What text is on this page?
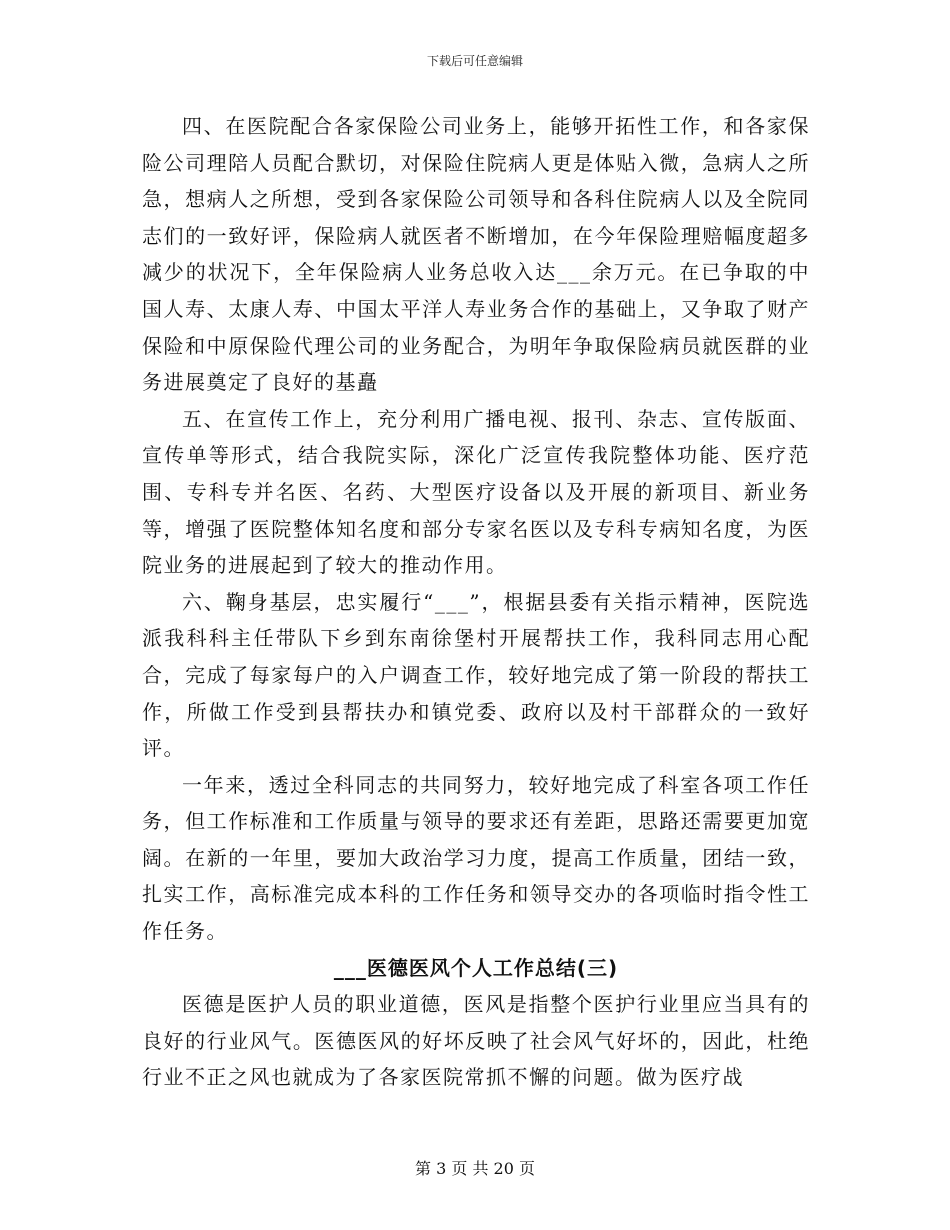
下载后可任意编辑

四、在医院配合各家保险公司业务上，能够开拓性工作，和各家保险公司理陪人员配合默切，对保险住院病人更是体贴入微，急病人之所急，想病人之所想，受到各家保险公司领导和各科住院病人以及全院同志们的一致好评，保险病人就医者不断增加，在今年保险理赔幅度超多减少的状况下，全年保险病人业务总收入达___余万元。在已争取的中国人寿、太康人寿、中国太平洋人寿业务合作的基础上，又争取了财产保险和中原保险代理公司的业务配合，为明年争取保险病员就医群的业务进展奠定了良好的基矗

五、在宣传工作上，充分利用广播电视、报刊、杂志、宣传版面、宣传单等形式，结合我院实际，深化广泛宣传我院整体功能、医疗范围、专科专并名医、名药、大型医疗设备以及开展的新项目、新业务等，增强了医院整体知名度和部分专家名医以及专科专病知名度，为医院业务的进展起到了较大的推动作用。

六、鞠身基层，忠实履行“___”，根据县委有关指示精神，医院选派我科科主任带队下乡到东南徐堡村开展帮扶工作，我科同志用心配合，完成了每家每户的入户调查工作，较好地完成了第一阶段的帮扶工作，所做工作受到县帮扶办和镇党委、政府以及村干部群众的一致好评。

一年来，透过全科同志的共同努力，较好地完成了科室各项工作任务，但工作标准和工作质量与领导的要求还有差距，思路还需要更加宽阔。在新的一年里，要加大政治学习力度，提高工作质量，团结一致，扎实工作，高标准完成本科的工作任务和领导交办的各项临时指令性工作任务。

___医德医风个人工作总结(三)

医德是医护人员的职业道德，医风是指整个医护行业里应当具有的良好的行业风气。医德医风的好坏反映了社会风气好坏的，因此，杜绝行业不正之风也就成为了各家医院常抓不懈的问题。做为医疗战

第 3 页 共 20 页
